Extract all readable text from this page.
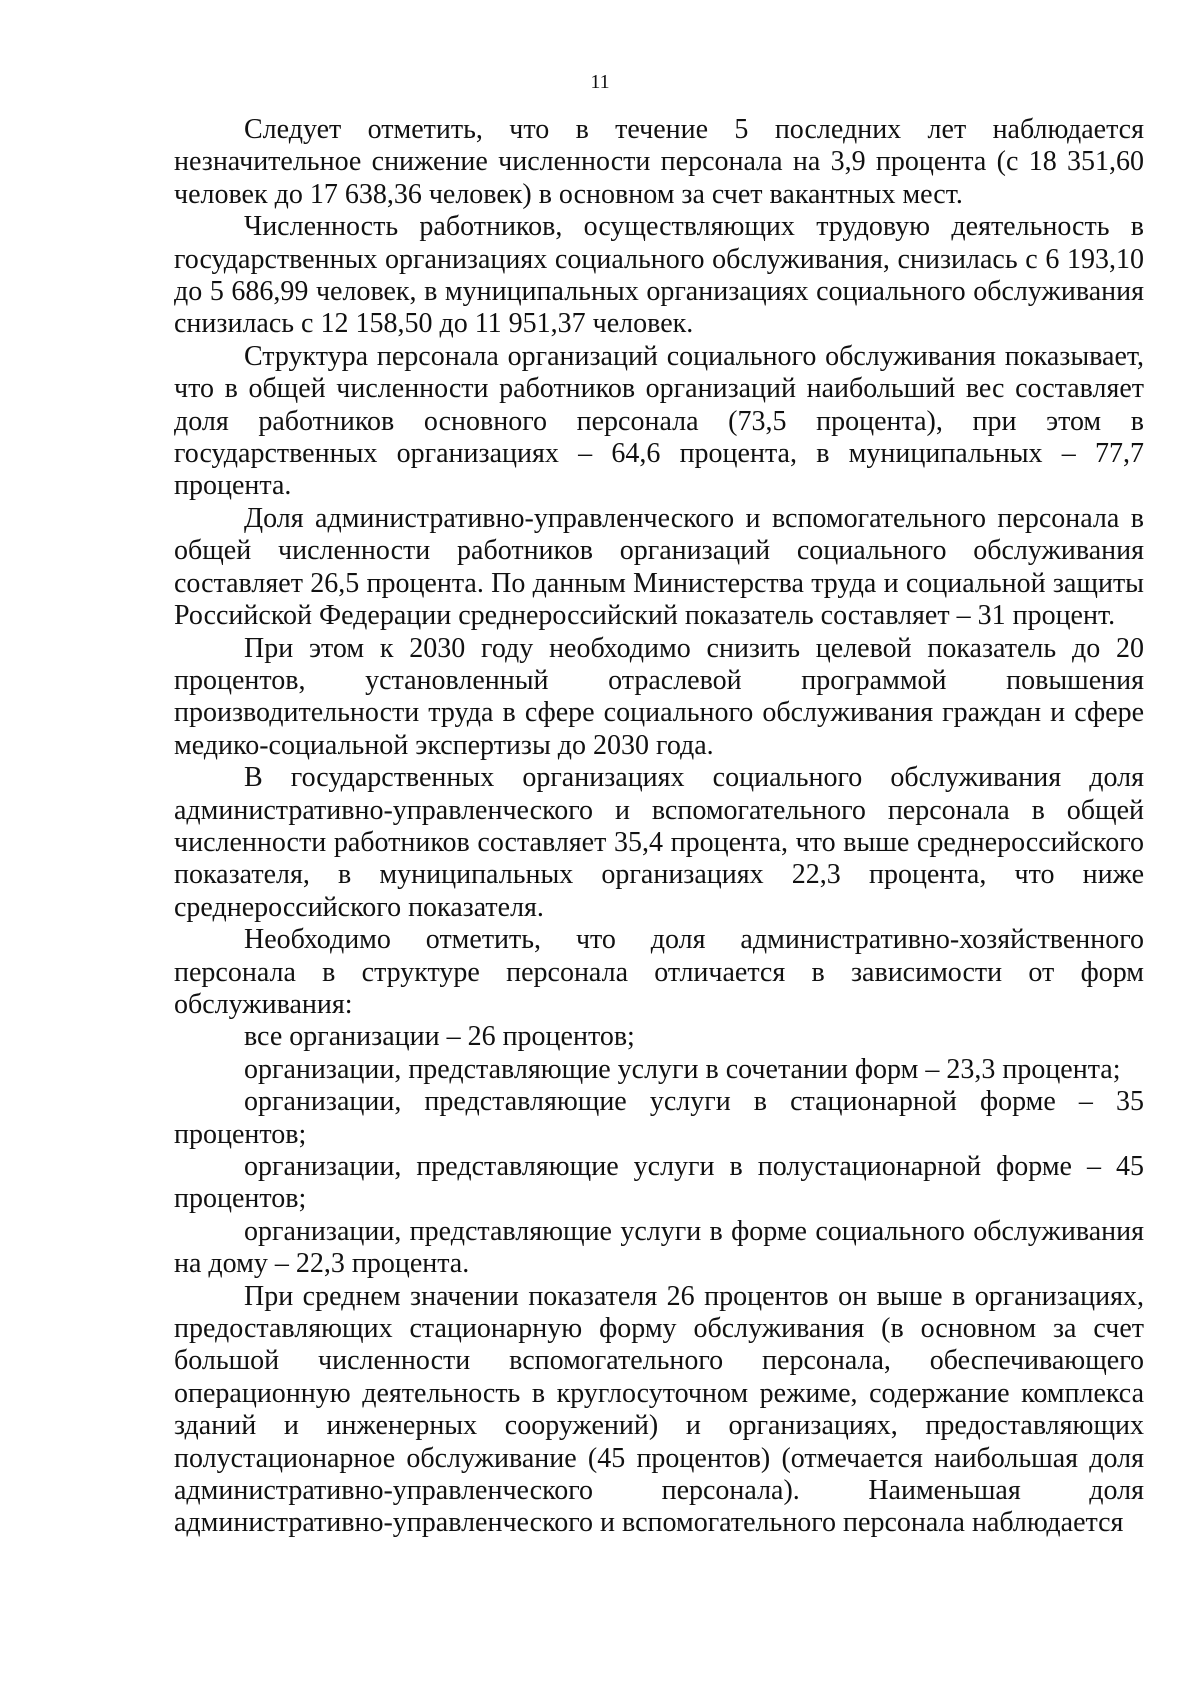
11

Следует отметить, что в течение 5 последних лет наблюдается незначительное снижение численности персонала на 3,9 процента (с 18 351,60 человек до 17 638,36 человек) в основном за счет вакантных мест.

Численность работников, осуществляющих трудовую деятельность в государственных организациях социального обслуживания, снизилась с 6 193,10 до 5 686,99 человек, в муниципальных организациях социального обслуживания снизилась с 12 158,50 до 11 951,37 человек.

Структура персонала организаций социального обслуживания показывает, что в общей численности работников организаций наибольший вес составляет доля работников основного персонала (73,5 процента), при этом в государственных организациях – 64,6 процента, в муниципальных – 77,7 процента.

Доля административно-управленческого и вспомогательного персонала в общей численности работников организаций социального обслуживания составляет 26,5 процента. По данным Министерства труда и социальной защиты Российской Федерации среднероссийский показатель составляет – 31 процент.

При этом к 2030 году необходимо снизить целевой показатель до 20 процентов, установленный отраслевой программой повышения производительности труда в сфере социального обслуживания граждан и сфере медико-социальной экспертизы до 2030 года.

В государственных организациях социального обслуживания доля административно-управленческого и вспомогательного персонала в общей численности работников составляет 35,4 процента, что выше среднероссийского показателя, в муниципальных организациях 22,3 процента, что ниже среднероссийского показателя.

Необходимо отметить, что доля административно-хозяйственного персонала в структуре персонала отличается в зависимости от форм обслуживания:

все организации – 26 процентов;

организации, представляющие услуги в сочетании форм – 23,3 процента;

организации, представляющие услуги в стационарной форме – 35 процентов;

организации, представляющие услуги в полустационарной форме – 45 процентов;

организации, представляющие услуги в форме социального обслуживания на дому – 22,3 процента.

При среднем значении показателя 26 процентов он выше в организациях, предоставляющих стационарную форму обслуживания (в основном за счет большой численности вспомогательного персонала, обеспечивающего операционную деятельность в круглосуточном режиме, содержание комплекса зданий и инженерных сооружений) и организациях, предоставляющих полустационарное обслуживание (45 процентов) (отмечается наибольшая доля административно-управленческого персонала). Наименьшая доля административно-управленческого и вспомогательного персонала наблюдается
